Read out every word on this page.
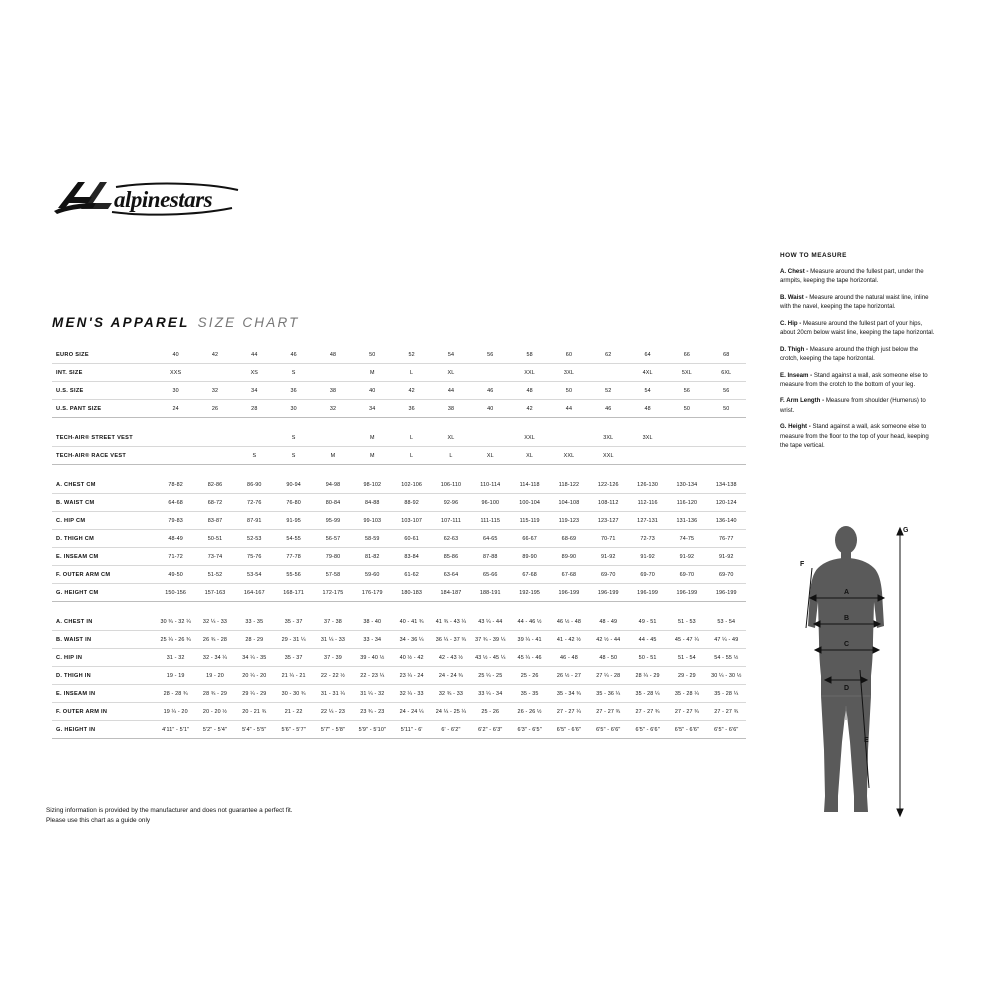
alpinestars
MEN'S APPAREL SIZE CHART
EURO SIZE	40	42	44	46	48	50	52	54	56	58	60	62	64	66	68
INT. SIZE	XXS		XS	S		M	L	XL		XXL	3XL		4XL	5XL	6XL
U.S. SIZE	30	32	34	36	38	40	42	44	46	48	50	52	54	56	56
U.S. PANT SIZE	24	26	28	30	32	34	36	38	40	42	44	46	48	50	50

TECH-AIR® STREET VEST				S		M	L	XL		XXL		3XL	3XL		
TECH-AIR® RACE VEST			S	S	M	M	L	L	XL	XL	XXL	XXL			

A. CHEST CM	78-82	82-86	86-90	90-94	94-98	98-102	102-106	106-110	110-114	114-118	118-122	122-126	126-130	130-134	134-138
B. WAIST CM	64-68	68-72	72-76	76-80	80-84	84-88	88-92	92-96	96-100	100-104	104-108	108-112	112-116	116-120	120-124
C. HIP CM	79-83	83-87	87-91	91-95	95-99	99-103	103-107	107-111	111-115	115-119	119-123	123-127	127-131	131-136	136-140
D. THIGH CM	48-49	50-51	52-53	54-55	56-57	58-59	60-61	62-63	64-65	66-67	68-69	70-71	72-73	74-75	76-77
E. INSEAM CM	71-72	73-74	75-76	77-78	79-80	81-82	83-84	85-86	87-88	89-90	89-90	91-92	91-92	91-92	91-92
F. OUTER ARM CM	49-50	51-52	53-54	55-56	57-58	59-60	61-62	63-64	65-66	67-68	67-68	69-70	69-70	69-70	69-70
G. HEIGHT CM	150-156	157-163	164-167	168-171	172-175	176-179	180-183	184-187	188-191	192-195	196-199	196-199	196-199	196-199	196-199

A. CHEST IN	30 ¾ - 32 ¼	32 ¼ - 33	33 - 35	35 - 37	37 - 38	38 - 40	40 - 41 ¾	41 ¾ - 43 ¼	43 ¼ - 44	44 - 46 ½	46 ½ - 48	48 - 49	49 - 51	51 - 53	53 - 54
B. WAIST IN	25 ¼ - 26 ¾	26 ¾ - 28	28 - 29	29 - 31 ¼	31 ¼ - 33	33 - 34	34 - 36 ¼	36 ¼ - 37 ¾	37 ¾ - 39 ¼	39 ¼ - 41	41 - 42 ½	42 ½ - 44	44 - 45	45 - 47 ¼	47 ¼ - 49
C. HIP IN	31 - 32	32 - 34 ¼	34 ¼ - 35	35 - 37	37 - 39	39 - 40 ½	40 ½ - 42	42 - 43 ½	43 ½ - 45 ¼	45 ¼ - 46	46 - 48	48 - 50	50 - 51	51 - 54	54 - 55 ½
D. THIGH IN	19 - 19	19 - 20	20 ¼ - 20	21 ¼ - 21	22 - 22 ½	22 - 23 ¼	23 ¼ - 24	24 - 24 ¾	25 ¼ - 25	25 - 26	26 ½ - 27	27 ¼ - 28	28 ¼ - 29	29 - 29	30 ¼ - 30 ½
E. INSEAM IN	28 - 28 ¾	28 ¾ - 29	29 ¼ - 29	30 - 30 ¾	31 - 31 ¼	31 ¼ - 32	32 ¼ - 33	32 ¾ - 33	33 ¼ - 34	35 - 35	35 - 34 ¾	35 - 36 ¼	35 - 28 ¼	35 - 28 ¼	35 - 28 ¼
F. OUTER ARM IN	19 ¼ - 20	20 - 20 ½	20 - 21 ¾	21 - 22	22 ¼ - 23	23 ¾ - 23	24 - 24 ¼	24 ¼ - 25 ¼	25 - 26	26 - 26 ½	27 - 27 ¼	27 - 27 ¾	27 - 27 ¾	27 - 27 ¾	27 - 27 ¾
G. HEIGHT IN	4'11" - 5'1"	5'2" - 5'4"	5'4" - 5'5"	5'6" - 5'7"	5'7" - 5'8"	5'9" - 5'10"	5'11" - 6'	6' - 6'2"	6'2" - 6'3"	6'3" - 6'5"	6'5" - 6'6"	6'5" - 6'6"	6'5" - 6'6"	6'5" - 6'6"	6'5" - 6'6"
HOW TO MEASURE

A. Chest - Measure around the fullest part, under the armpits, keeping the tape horizontal.

B. Waist - Measure around the natural waist line, inline with the navel, keeping the tape horizontal.

C. Hip - Measure around the fullest part of your hips, about 20cm below waist line, keeping the tape horizontal.

D. Thigh - Measure around the thigh just below the crotch, keeping the tape horizontal.

E. Inseam - Stand against a wall, ask someone else to measure from the crotch to the bottom of your leg.

F. Arm Length - Measure from shoulder (Humerus) to wrist.

G. Height - Stand against a wall, ask someone else to measure from the floor to the top of your head, keeping the tape vertical.

A
B
C
D
E
F
G
Sizing information is provided by the manufacturer and does not guarantee a perfect fit.
Please use this chart as a guide only
